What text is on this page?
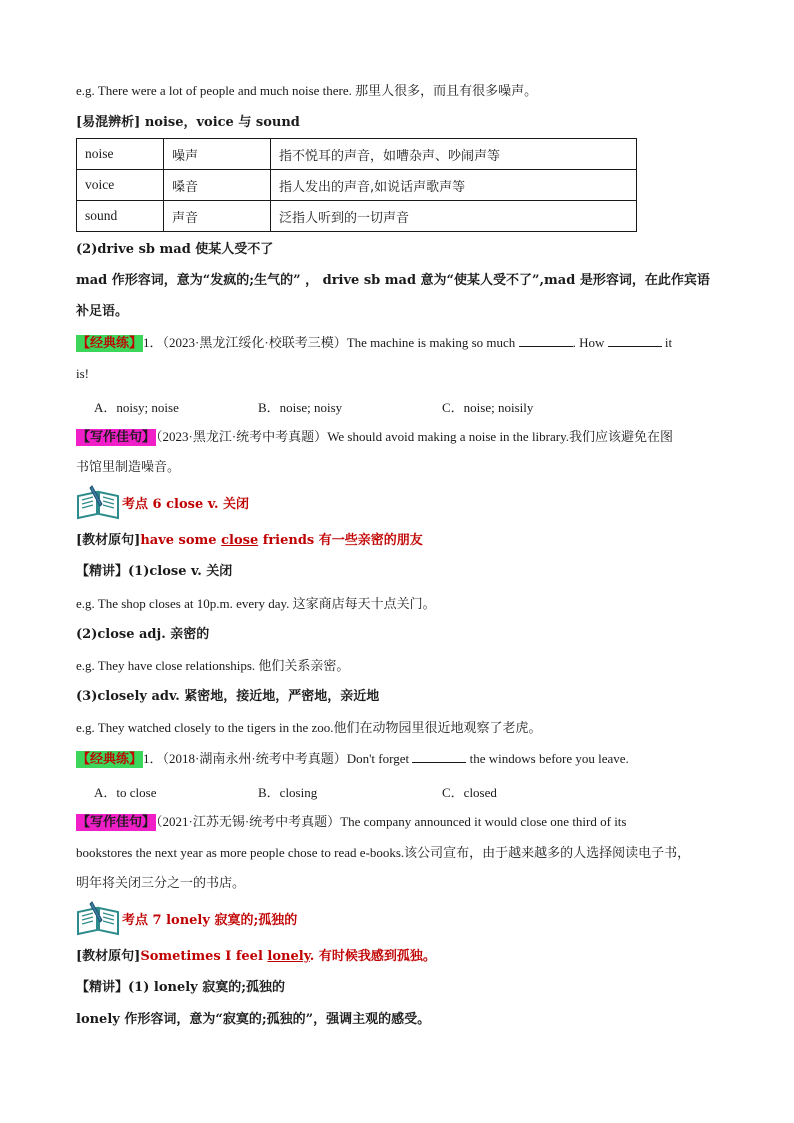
e.g. There were a lot of people and much noise there. 那里人很多，而且有很多噪声。
[易混辨析] noise，voice 与 sound
noise	噪声	指不悦耳的声音，如嘈杂声、吵闹声等
voice	嗓音	指人发出的声音,如说话声歌声等
sound	声音	泛指人听到的一切声音
(2)drive sb mad 使某人受不了
mad 作形容词，意为“发疯的;生气的” ， drive sb mad 意为“使某人受不了”,mad 是形容词，在此作宾语
补足语。
【经典练】1．（2023·黑龙江绥化·校联考三模）The machine is making so much	. How	it
is!
A．noisy; noise	B．noise; noisy	C．noise; noisily
【写作佳句】（2023·黑龙江·统考中考真题）We should avoid making a noise in the library.我们应该避免在图
书馆里制造噪音。
考点 6 close v. 关闭
[教材原句]have some close friends 有一些亲密的朋友
【精讲】(1)close v. 关闭
e.g. The shop closes at 10p.m. every day. 这家商店每天十点关门。
(2)close adj. 亲密的
e.g. They have close relationships. 他们关系亲密。
(3)closely adv. 紧密地，接近地，严密地，亲近地
e.g. They watched closely to the tigers in the zoo.他们在动物园里很近地观察了老虎。
【经典练】1．（2018·湖南永州·统考中考真题）Don't forget	the windows before you leave.
A．to close	B．closing	C．closed
【写作佳句】（2021·江苏无锡·统考中考真题）The company announced it would close one third of its
bookstores the next year as more people chose to read e-books.该公司宣布，由于越来越多的人选择阅读电子书，
明年将关闭三分之一的书店。
考点 7 lonely 寂寞的;孤独的
[教材原句]Sometimes I feel lonely. 有时候我感到孤独。
【精讲】(1) lonely 寂寞的;孤独的
lonely 作形容词，意为“寂寞的;孤独的”，强调主观的感受。
